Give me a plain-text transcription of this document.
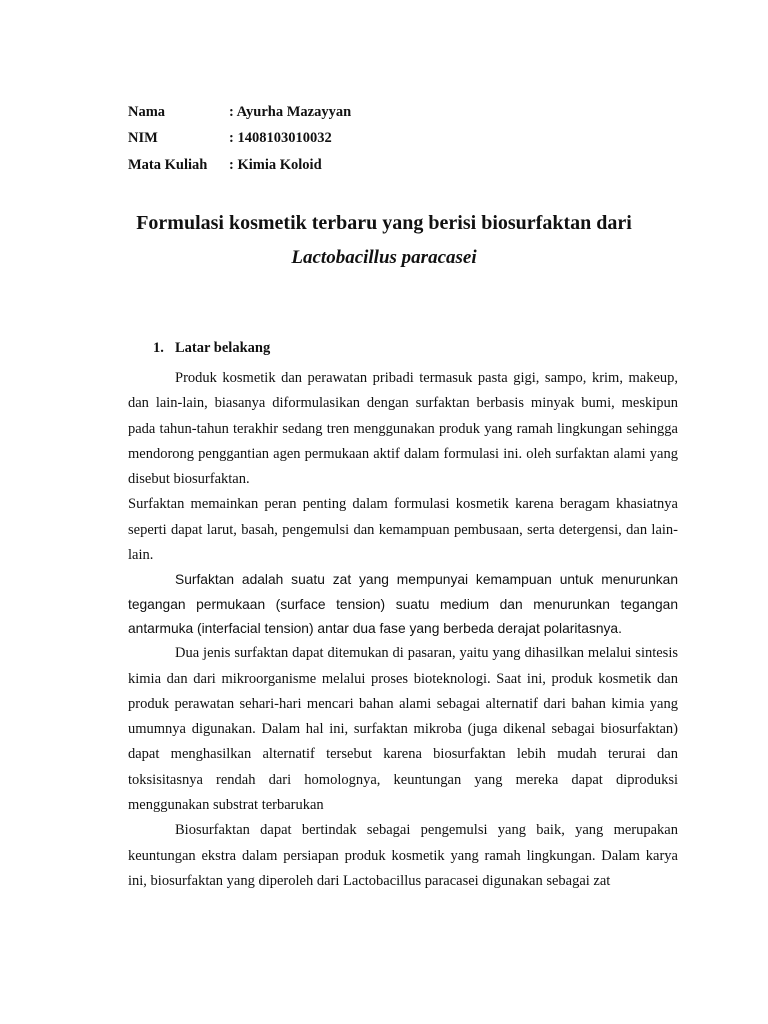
Nama	: Ayurha Mazayyan
NIM	: 1408103010032
Mata Kuliah	: Kimia Koloid
Formulasi kosmetik terbaru yang berisi biosurfaktan dari
Lactobacillus paracasei
1. Latar belakang

Produk kosmetik dan perawatan pribadi termasuk pasta gigi, sampo, krim, makeup, dan lain-lain, biasanya diformulasikan dengan surfaktan berbasis minyak bumi, meskipun pada tahun-tahun terakhir sedang tren menggunakan produk yang ramah lingkungan sehingga mendorong penggantian agen permukaan aktif dalam formulasi ini. oleh surfaktan alami yang disebut biosurfaktan.

Surfaktan memainkan peran penting dalam formulasi kosmetik karena beragam khasiatnya seperti dapat larut, basah, pengemulsi dan kemampuan pembusaan, serta detergensi, dan lain-lain.

Surfaktan adalah suatu zat yang mempunyai kemampuan untuk menurunkan tegangan permukaan (surface tension) suatu medium dan menurunkan tegangan antarmuka (interfacial tension) antar dua fase yang berbeda derajat polaritasnya.

Dua jenis surfaktan dapat ditemukan di pasaran, yaitu yang dihasilkan melalui sintesis kimia dan dari mikroorganisme melalui proses bioteknologi. Saat ini, produk kosmetik dan produk perawatan sehari-hari mencari bahan alami sebagai alternatif dari bahan kimia yang umumnya digunakan. Dalam hal ini, surfaktan mikroba (juga dikenal sebagai biosurfaktan) dapat menghasilkan alternatif tersebut karena biosurfaktan lebih mudah terurai dan toksisitasnya rendah dari homolognya, keuntungan yang mereka dapat diproduksi menggunakan substrat terbarukan

Biosurfaktan dapat bertindak sebagai pengemulsi yang baik, yang merupakan keuntungan ekstra dalam persiapan produk kosmetik yang ramah lingkungan. Dalam karya ini, biosurfaktan yang diperoleh dari Lactobacillus paracasei digunakan sebagai zat
